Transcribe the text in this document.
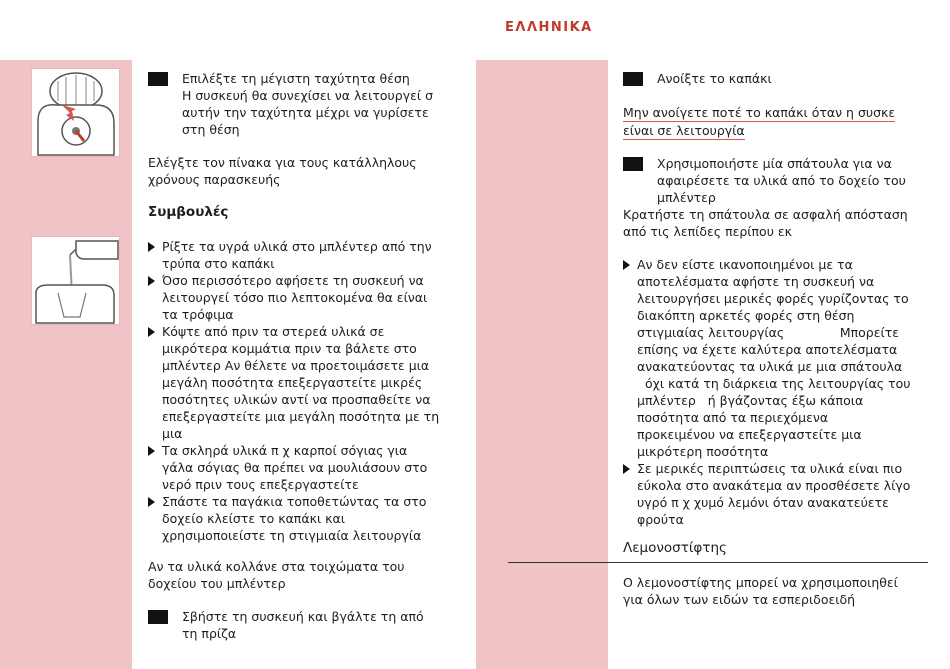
ΕΛΛΗΝΙΚΑ

Επιλέξτε τη μέγιστη ταχύτητα θέση

Η συσκευή θα συνεχίσει να λειτουργεί σ

αυτήν την ταχύτητα μέχρι να γυρίσετε

στη θέση

Ελέγξτε τον πίνακα για τους κατάλληλους

χρόνους παρασκευής

Συμβουλές

Ρίξτε τα υγρά υλικά στο μπλέντερ από την

τρύπα στο καπάκι

Όσο περισσότερο αφήσετε τη συσκευή να

λειτουργεί τόσο πιο λεπτοκομένα θα είναι

τα τρόφιμα

Κόψτε από πριν τα στερεά υλικά σε

μικρότερα κομμάτια πριν τα βάλετε στο

μπλέντερ Αν θέλετε να προετοιμάσετε μια

μεγάλη ποσότητα επεξεργαστείτε μικρές

ποσότητες υλικών αντί να προσπαθείτε να

επεξεργαστείτε μια μεγάλη ποσότητα με τη

μια

Τα σκληρά υλικά π χ καρποί σόγιας για

γάλα σόγιας θα πρέπει να μουλιάσουν στο

νερό πριν τους επεξεργαστείτε

Σπάστε τα παγάκια τοποθετώντας τα στο

δοχείο κλείστε το καπάκι και

χρησιμοποιείστε τη στιγμιαία λειτουργία

Αν τα υλικά κολλάνε στα τοιχώματα του

δοχείου του μπλέντερ

Σβήστε τη συσκευή και βγάλτε τη από

τη πρίζα

Ανοίξτε το καπάκι

Μην ανοίγετε ποτέ το καπάκι όταν η συσκε
είναι σε λειτουργία

Χρησιμοποιήστε μία σπάτουλα για να

αφαιρέσετε τα υλικά από το δοχείο του

μπλέντερ

Κρατήστε τη σπάτουλα σε ασφαλή απόσταση

από τις λεπίδες περίπου εκ

Αν δεν είστε ικανοποιημένοι με τα

αποτελέσματα αφήστε τη συσκευή να

λειτουργήσει μερικές φορές γυρίζοντας το

διακόπτη αρκετές φορές στη θέση

στιγμιαίας λειτουργίας              Μπορείτε

επίσης να έχετε καλύτερα αποτελέσματα

ανακατεύοντας τα υλικά με μια σπάτουλα

όχι κατά τη διάρκεια της λειτουργίας του

μπλέντερ   ή βγάζοντας έξω κάποια

ποσότητα από τα περιεχόμενα

προκειμένου να επεξεργαστείτε μια

μικρότερη ποσότητα

Σε μερικές περιπτώσεις τα υλικά είναι πιο

εύκολα στο ανακάτεμα αν προσθέσετε λίγο

υγρό π χ χυμό λεμόνι όταν ανακατεύετε

φρούτα

Λεμονοστίφτης

Ο λεμονοστίφτης μπορεί να χρησιμοποιηθεί

για όλων των ειδών τα εσπεριδοειδή
